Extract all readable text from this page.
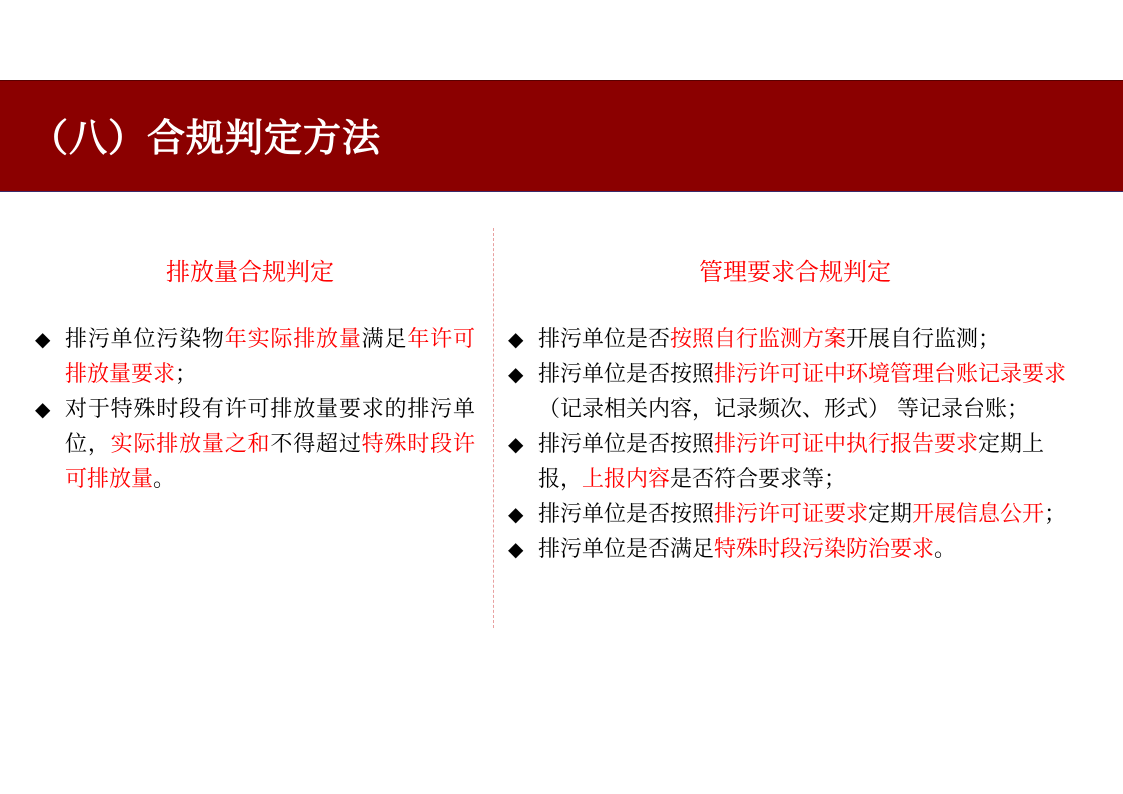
（八）合规判定方法
排放量合规判定	管理要求合规判定
◆ 排污单位污染物年实际排放量满足年许可排放量要求；
◆ 对于特殊时段有许可排放量要求的排污单位，实际排放量之和不得超过特殊时段许可排放量。
◆ 排污单位是否按照自行监测方案开展自行监测；
◆ 排污单位是否按照排污许可证中环境管理台账记录要求（记录相关内容，记录频次、形式） 等记录台账；
◆ 排污单位是否按照排污许可证中执行报告要求定期上报，上报内容是否符合要求等；
◆ 排污单位是否按照排污许可证要求定期开展信息公开；
◆ 排污单位是否满足特殊时段污染防治要求。
